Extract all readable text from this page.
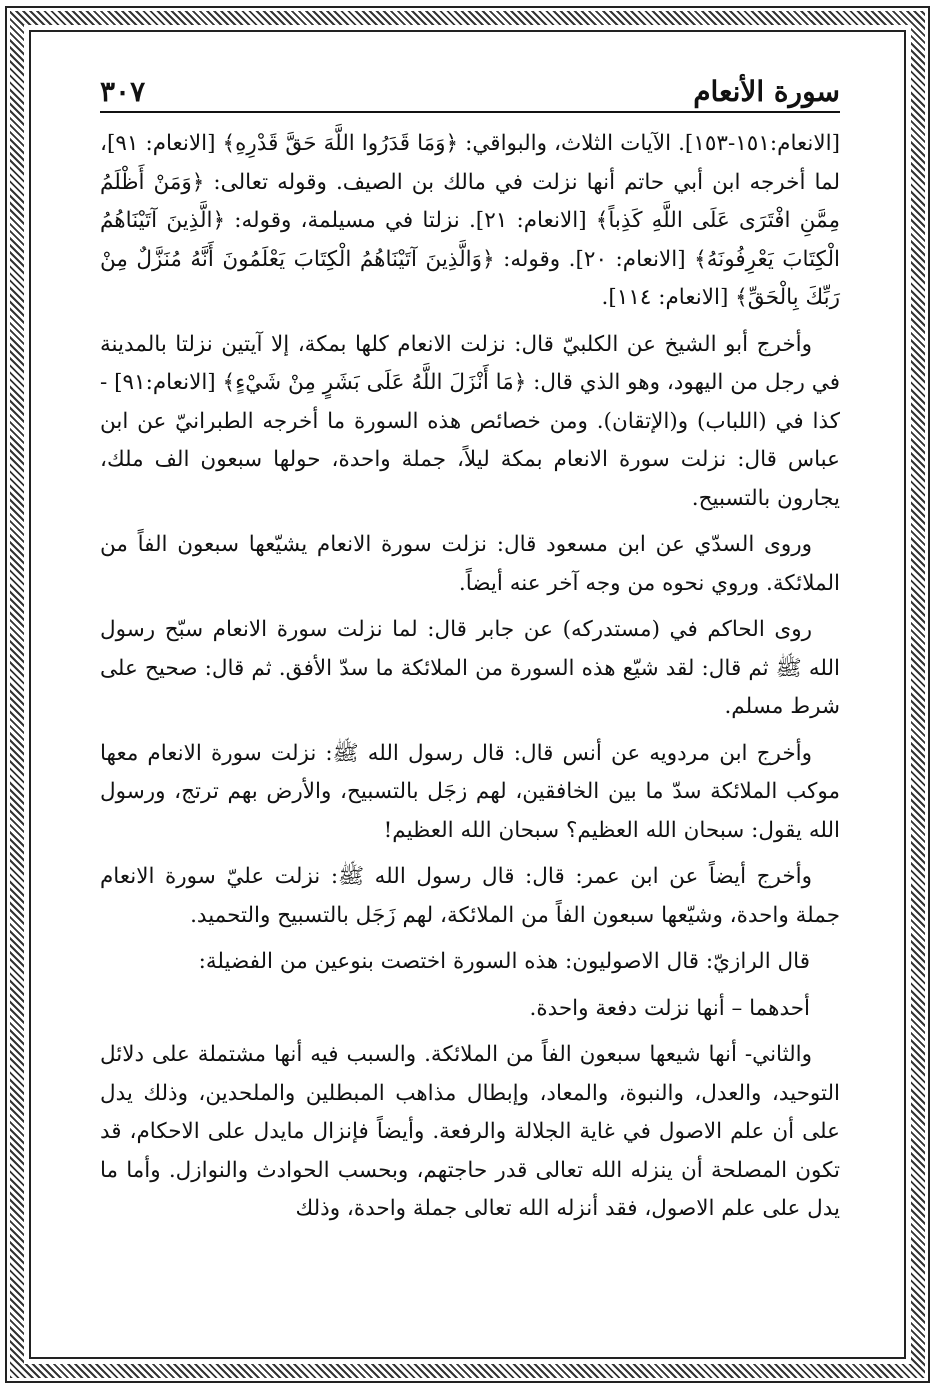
سورة الأنعام
٣٠٧

[الانعام:١٥١-١٥٣]. الآيات الثلاث، والبواقي: ﴿وَمَا قَدَرُوا اللَّهَ حَقَّ قَدْرِهِ﴾ [الانعام: ٩١]، لما أخرجه ابن أبي حاتم أنها نزلت في مالك بن الصيف. وقوله تعالى: ﴿وَمَنْ أَظْلَمُ مِمَّنِ افْتَرَى عَلَى اللَّهِ كَذِباً﴾ [الانعام: ٢١]. نزلتا في مسيلمة، وقوله: ﴿الَّذِينَ آتَيْنَاهُمُ الْكِتَابَ يَعْرِفُونَهُ﴾ [الانعام: ٢٠]. وقوله: ﴿وَالَّذِينَ آتَيْنَاهُمُ الْكِتَابَ يَعْلَمُونَ أَنَّهُ مُنَزَّلٌ مِنْ رَبِّكَ بِالْحَقِّ﴾ [الانعام: ١١٤].

وأخرج أبو الشيخ عن الكلبيّ قال: نزلت الانعام كلها بمكة، إلا آيتين نزلتا بالمدينة في رجل من اليهود، وهو الذي قال: ﴿مَا أَنْزَلَ اللَّهُ عَلَى بَشَرٍ مِنْ شَيْءٍ﴾ [الانعام:٩١] - كذا في (اللباب) و(الإتقان). ومن خصائص هذه السورة ما أخرجه الطبرانيّ عن ابن عباس قال: نزلت سورة الانعام بمكة ليلاً، جملة واحدة، حولها سبعون الف ملك، يجارون بالتسبيح.

وروى السدّي عن ابن مسعود قال: نزلت سورة الانعام يشيّعها سبعون الفاً من الملائكة. وروي نحوه من وجه آخر عنه أيضاً.

روى الحاكم في (مستدركه) عن جابر قال: لما نزلت سورة الانعام سبّح رسول الله ﷺ ثم قال: لقد شيّع هذه السورة من الملائكة ما سدّ الأفق. ثم قال: صحيح على شرط مسلم.

وأخرج ابن مردويه عن أنس قال: قال رسول الله ﷺ: نزلت سورة الانعام معها موكب الملائكة سدّ ما بين الخافقين، لهم زجَل بالتسبيح، والأرض بهم ترتج، ورسول الله يقول: سبحان الله العظيم؟ سبحان الله العظيم!

وأخرج أيضاً عن ابن عمر: قال: قال رسول الله ﷺ: نزلت عليّ سورة الانعام جملة واحدة، وشيّعها سبعون الفاً من الملائكة، لهم زَجَل بالتسبيح والتحميد.

قال الرازيّ: قال الاصوليون: هذه السورة اختصت بنوعين من الفضيلة:

أحدهما – أنها نزلت دفعة واحدة.

والثاني- أنها شيعها سبعون الفاً من الملائكة. والسبب فيه أنها مشتملة على دلائل التوحيد، والعدل، والنبوة، والمعاد، وإبطال مذاهب المبطلين والملحدين، وذلك يدل على أن علم الاصول في غاية الجلالة والرفعة. وأيضاً فإنزال مايدل على الاحكام، قد تكون المصلحة أن ينزله الله تعالى قدر حاجتهم، وبحسب الحوادث والنوازل. وأما ما يدل على علم الاصول، فقد أنزله الله تعالى جملة واحدة، وذلك
